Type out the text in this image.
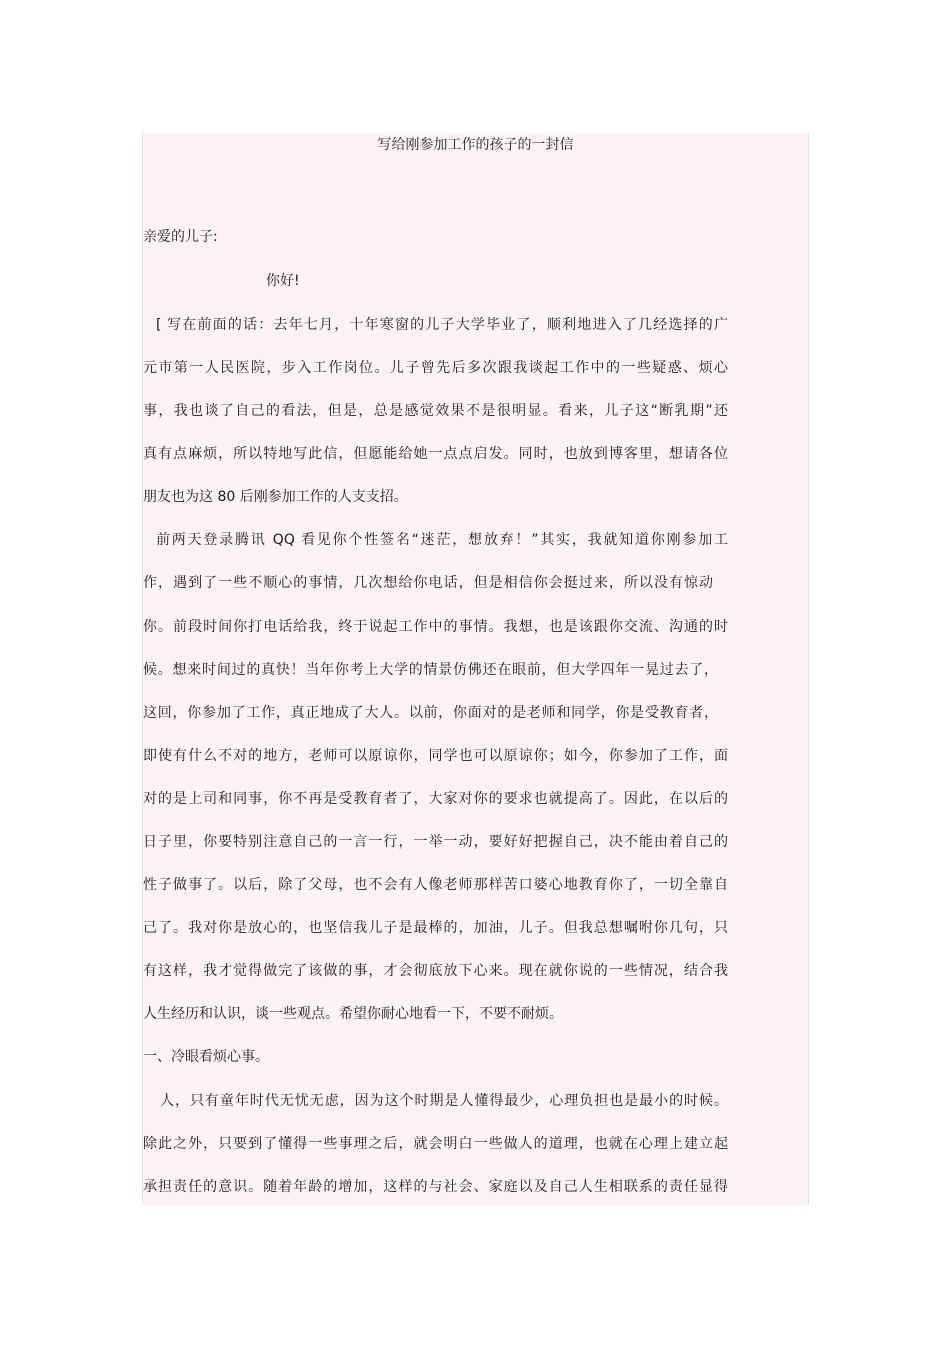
写给刚参加工作的孩子的一封信
亲爱的儿子:
你好!
[ 写在前面的话：去年七月，十年寒窗的儿子大学毕业了，顺利地进入了几经选择的广
元市第一人民医院，步入工作岗位。儿子曾先后多次跟我谈起工作中的一些疑惑、烦心
事，我也谈了自己的看法，但是，总是感觉效果不是很明显。看来，儿子这“断乳期”还
真有点麻烦，所以特地写此信，但愿能给她一点点启发。同时，也放到博客里，想请各位
朋友也为这 80 后刚参加工作的人支支招。
前两天登录腾讯 QQ 看见你个性签名“迷茫，想放弃！”其实，我就知道你刚参加工
作，遇到了一些不顺心的事情，几次想给你电话，但是相信你会挺过来，所以没有惊动
你。前段时间你打电话给我，终于说起工作中的事情。我想，也是该跟你交流、沟通的时
候。想来时间过的真快！当年你考上大学的情景仿佛还在眼前，但大学四年一晃过去了，
这回，你参加了工作，真正地成了大人。以前，你面对的是老师和同学，你是受教育者，
即使有什么不对的地方，老师可以原谅你，同学也可以原谅你；如今，你参加了工作，面
对的是上司和同事，你不再是受教育者了，大家对你的要求也就提高了。因此，在以后的
日子里，你要特别注意自己的一言一行，一举一动，要好好把握自己，决不能由着自己的
性子做事了。以后，除了父母，也不会有人像老师那样苦口婆心地教育你了，一切全靠自
己了。我对你是放心的，也坚信我儿子是最棒的，加油，儿子。但我总想嘱咐你几句，只
有这样，我才觉得做完了该做的事，才会彻底放下心来。现在就你说的一些情况，结合我
人生经历和认识，谈一些观点。希望你耐心地看一下，不要不耐烦。
一、冷眼看烦心事。
人，只有童年时代无忧无虑，因为这个时期是人懂得最少，心理负担也是最小的时候。
除此之外，只要到了懂得一些事理之后，就会明白一些做人的道理，也就在心理上建立起
承担责任的意识。随着年龄的增加，这样的与社会、家庭以及自己人生相联系的责任显得
